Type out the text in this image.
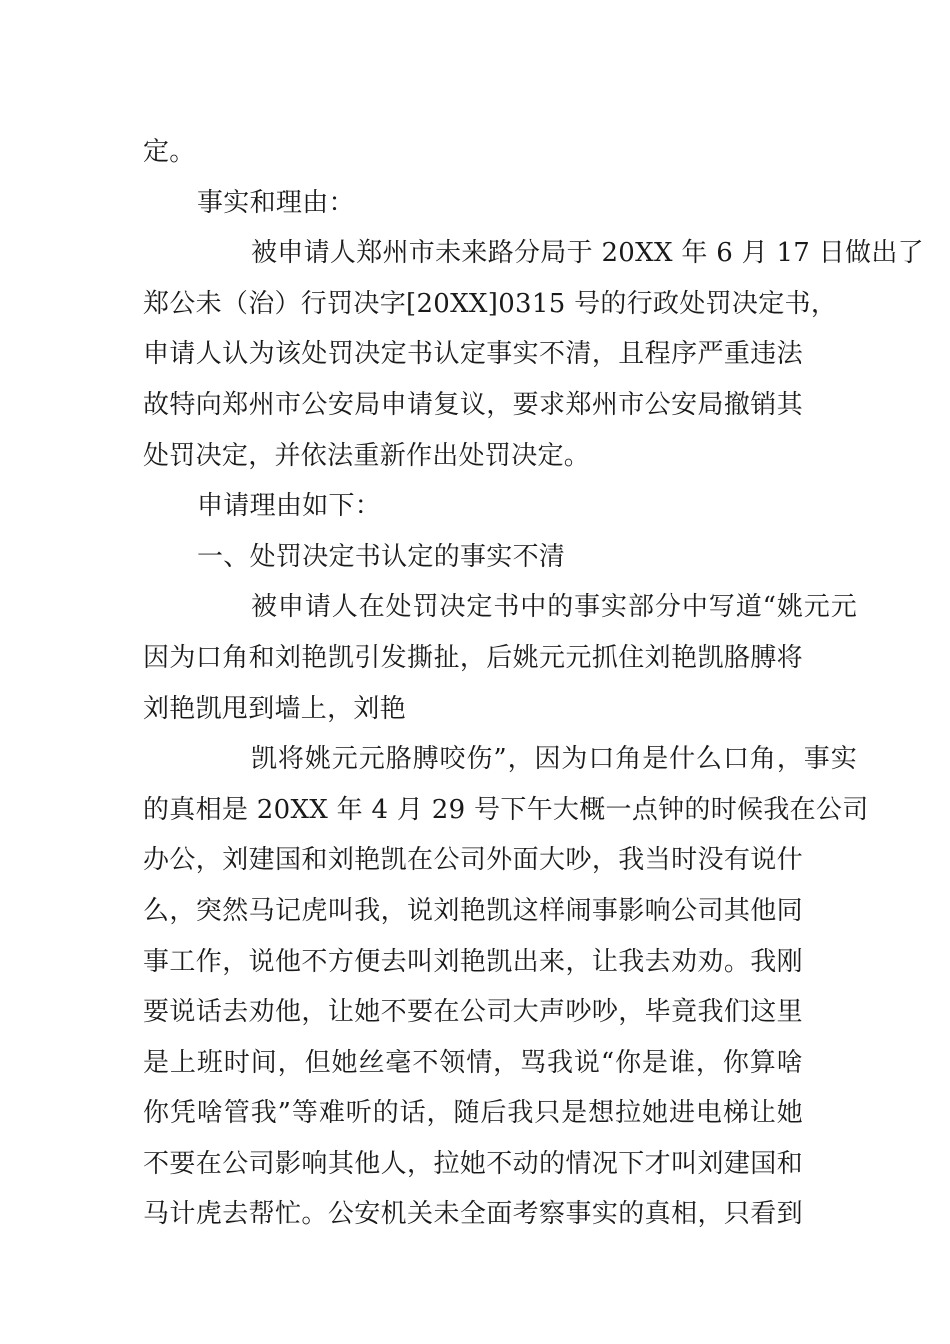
定。
事实和理由：
被申请人郑州市未来路分局于 20XX 年 6 月 17 日做出了
郑公未（治）行罚决字[20XX]0315 号的行政处罚决定书，
申请人认为该处罚决定书认定事实不清，且程序严重违法
故特向郑州市公安局申请复议，要求郑州市公安局撤销其
处罚决定，并依法重新作出处罚决定。
申请理由如下：
一、处罚决定书认定的事实不清
被申请人在处罚决定书中的事实部分中写道“姚元元
因为口角和刘艳凯引发撕扯，后姚元元抓住刘艳凯胳膊将
刘艳凯甩到墙上，刘艳
凯将姚元元胳膊咬伤”，因为口角是什么口角，事实
的真相是 20XX 年 4 月 29 号下午大概一点钟的时候我在公司
办公，刘建国和刘艳凯在公司外面大吵，我当时没有说什
么，突然马记虎叫我，说刘艳凯这样闹事影响公司其他同
事工作，说他不方便去叫刘艳凯出来，让我去劝劝。我刚
要说话去劝他，让她不要在公司大声吵吵，毕竟我们这里
是上班时间，但她丝毫不领情，骂我说“你是谁，你算啥
你凭啥管我”等难听的话，随后我只是想拉她进电梯让她
不要在公司影响其他人，拉她不动的情况下才叫刘建国和
马计虎去帮忙。公安机关未全面考察事实的真相，只看到
